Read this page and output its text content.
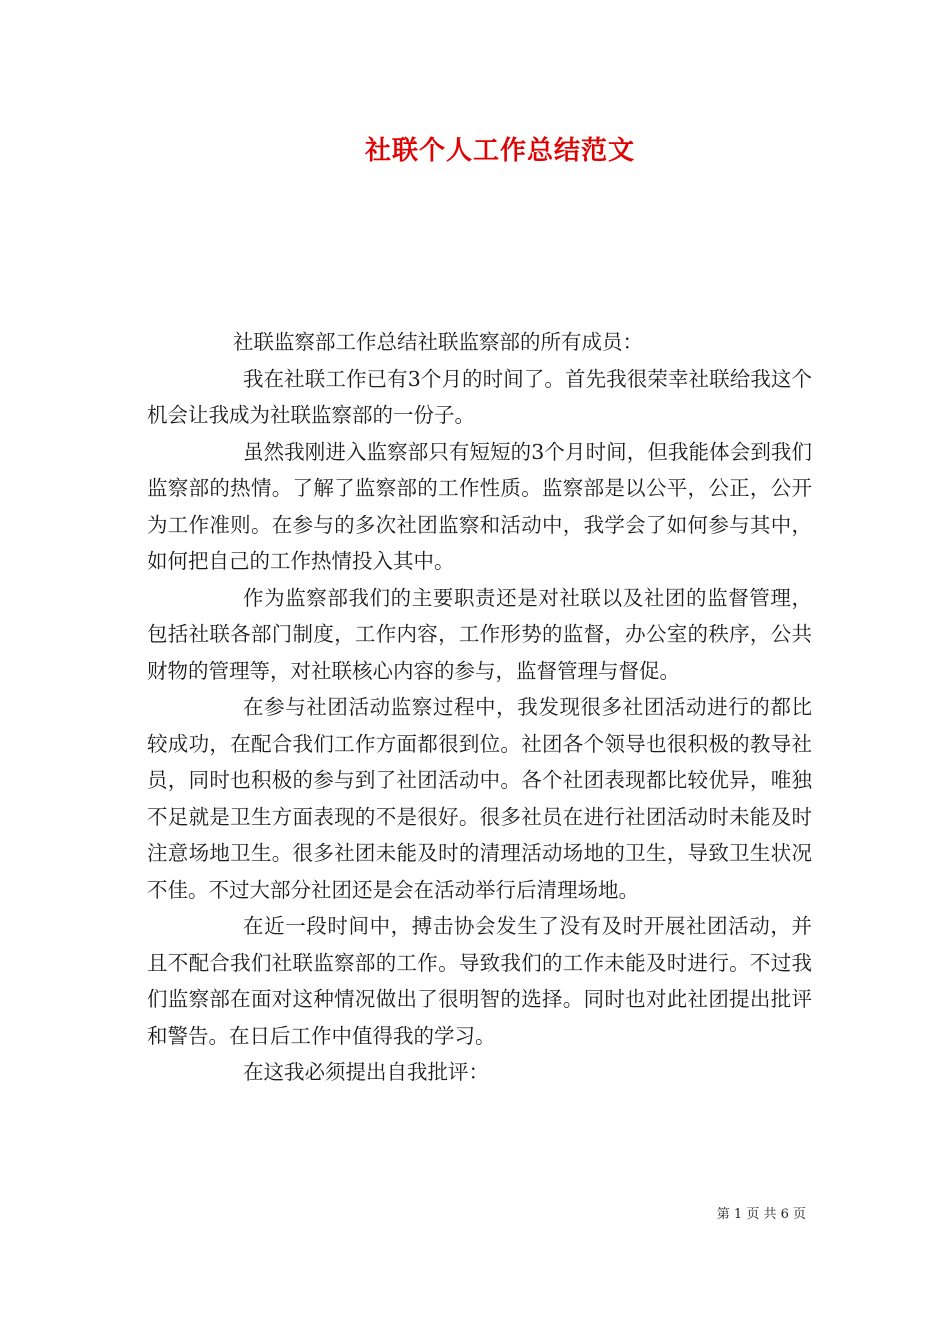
社联个人工作总结范文

社联监察部工作总结社联监察部的所有成员：

我在社联工作已有3个月的时间了。首先我很荣幸社联给我这个机会让我成为社联监察部的一份子。

虽然我刚进入监察部只有短短的3个月时间，但我能体会到我们监察部的热情。了解了监察部的工作性质。监察部是以公平，公正，公开为工作准则。在参与的多次社团监察和活动中，我学会了如何参与其中，如何把自己的工作热情投入其中。

作为监察部我们的主要职责还是对社联以及社团的监督管理，包括社联各部门制度，工作内容，工作形势的监督，办公室的秩序，公共财物的管理等，对社联核心内容的参与，监督管理与督促。

在参与社团活动监察过程中，我发现很多社团活动进行的都比较成功，在配合我们工作方面都很到位。社团各个领导也很积极的教导社员，同时也积极的参与到了社团活动中。各个社团表现都比较优异，唯独不足就是卫生方面表现的不是很好。很多社员在进行社团活动时未能及时注意场地卫生。很多社团未能及时的清理活动场地的卫生，导致卫生状况不佳。不过大部分社团还是会在活动举行后清理场地。

在近一段时间中，搏击协会发生了没有及时开展社团活动，并且不配合我们社联监察部的工作。导致我们的工作未能及时进行。不过我们监察部在面对这种情况做出了很明智的选择。同时也对此社团提出批评和警告。在日后工作中值得我的学习。

在这我必须提出自我批评：

第 1 页 共 6 页
